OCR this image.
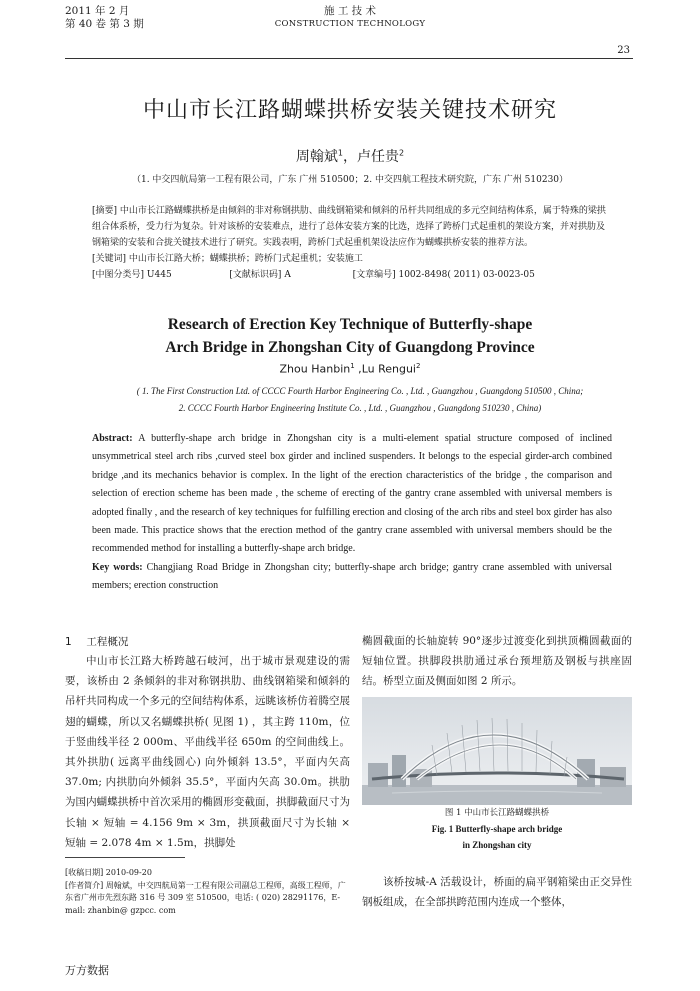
2011 年 2 月
第 40 卷 第 3 期
施 工 技 术
CONSTRUCTION TECHNOLOGY
23
中山市长江路蝴蝶拱桥安装关键技术研究
周翰斌$^1$，卢任贵$^2$
（1. 中交四航局第一工程有限公司，广东 广州 510500；2. 中交四航工程技术研究院，广东 广州 510230）

[摘要] 中山市长江路蝴蝶拱桥是由倾斜的非对称钢拱肋、曲线钢箱梁和倾斜的吊杆共同组成的多元空间结构体系，属于特殊的梁拱组合体系桥，受力行为复杂。针对该桥的安装难点，进行了总体安装方案的比选，选择了跨桥门式起重机的架设方案，并对拱肋及钢箱梁的安装和合拢关键技术进行了研究。实践表明，跨桥门式起重机架设法应作为蝴蝶拱桥安装的推荐方法。

[关键词] 中山市长江路大桥；蝴蝶拱桥；跨桥门式起重机；安装施工

[中图分类号] U445	[文献标识码] A	[文章编号] 1002-8498( 2011) 03-0023-05

Research of Erection Key Technique of Butterfly-shape
Arch Bridge in Zhongshan City of Guangdong Province
Zhou Hanbin$^1$ ,Lu Rengui$^2$
( 1. The First Construction Ltd. of CCCC Fourth Harbor Engineering Co. , Ltd. , Guangzhou , Guangdong 510500 , China;
2. CCCC Fourth Harbor Engineering Institute Co. , Ltd. , Guangzhou , Guangdong 510230 , China)
Abstract: A butterfly-shape arch bridge in Zhongshan city is a multi-element spatial structure composed of inclined unsymmetrical steel arch ribs ,curved steel box girder and inclined suspenders. It belongs to the especial girder-arch combined bridge ,and its mechanics behavior is complex. In the light of the erection characteristics of the bridge , the comparison and selection of erection scheme has been made , the scheme of erecting of the gantry crane assembled with universal members is adopted finally , and the research of key techniques for fulfilling erection and closing of the arch ribs and steel box girder has also been made. This practice shows that the erection method of the gantry crane assembled with universal members should be the recommended method for installing a butterfly-shape arch bridge.
Key words: Changjiang Road Bridge in Zhongshan city; butterfly-shape arch bridge; gantry crane assembled with universal members; erection construction
1 工程概况

中山市长江路大桥跨越石岐河，出于城市景观建设的需要，该桥由 2 条倾斜的非对称钢拱肋、曲线钢箱梁和倾斜的吊杆共同构成一个多元的空间结构体系，远眺该桥仿着腾空展翅的蝴蝶，所以又名蝴蝶拱桥( 见图 1) ，其主跨 110m，位于竖曲线半径 2 000m、平曲线半径 650m 的空间曲线上。其外拱肋( 远离平曲线圆心) 向外倾斜 13.5°，平面内矢高 37.0m; 内拱肋向外倾斜 35.5°，平面内矢高 30.0m。拱肋为国内蝴蝶拱桥中首次采用的椭圆形变截面，拱脚截面尺寸为长轴 × 短轴 = 4.156 9m × 3m，拱顶截面尺寸为长轴 × 短轴 = 2.078 4m × 1.5m，拱脚处

椭圆截面的长轴旋转 90°逐步过渡变化到拱顶椭圆截面的短轴位置。拱脚段拱肋通过承台预埋筋及钢板与拱座固结。桥型立面及侧面如图 2 所示。

图 1 中山市长江路蝴蝶拱桥
Fig. 1 Butterfly-shape arch bridge
in Zhongshan city

该桥按城-A 活载设计，桥面的扁平钢箱梁由正交异性钢板组成，在全部拱跨范围内连成一个整体，

[收稿日期] 2010-09-20
[作者简介] 周翰斌，中交四航局第一工程有限公司副总工程师，高级工程师，广东省广州市先烈东路 316 号 309 室 510500，电话: ( 020) 28291176，E-mail: zhanbin@ gzpcc. com
万方数据
